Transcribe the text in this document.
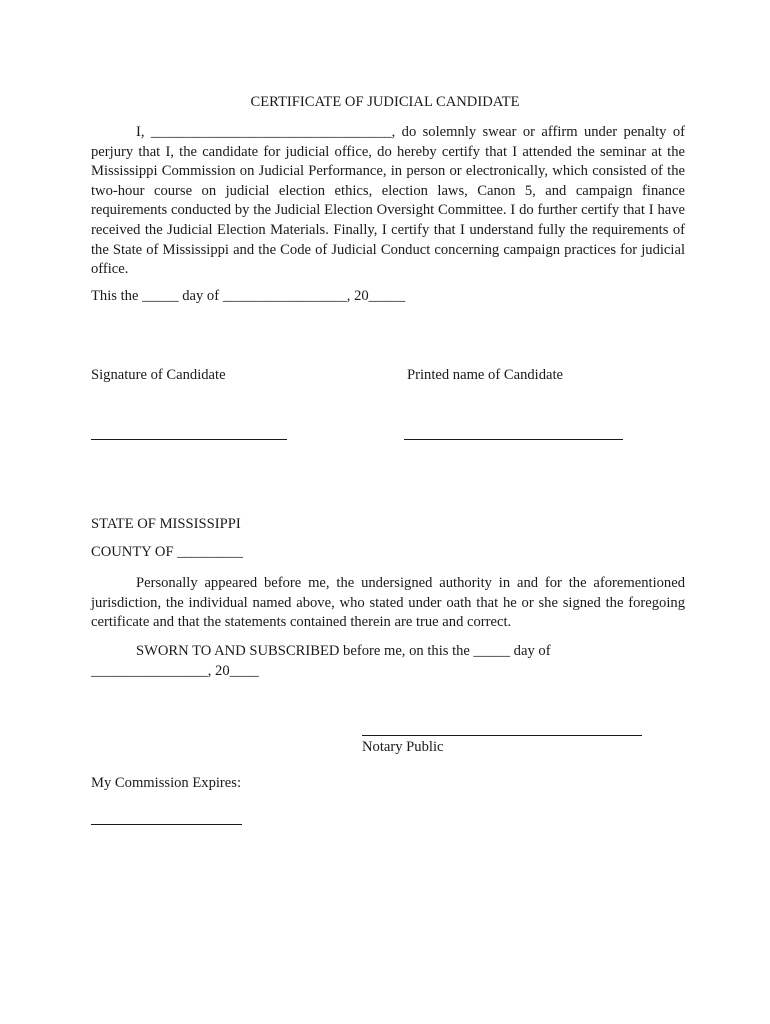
CERTIFICATE OF JUDICIAL CANDIDATE
I, _________________________________, do solemnly swear or affirm under penalty of perjury that I, the candidate for judicial office, do hereby certify that I attended the seminar at the Mississippi Commission on Judicial Performance, in person or electronically, which consisted of the two-hour course on judicial election ethics, election laws, Canon 5, and campaign finance requirements conducted by the Judicial Election Oversight Committee. I do further certify that I have received the Judicial Election Materials. Finally, I certify that I understand fully the requirements of the State of Mississippi and the Code of Judicial Conduct concerning campaign practices for judicial office.
This the _____ day of _________________, 20_____
Signature of Candidate	Printed name of Candidate
STATE OF MISSISSIPPI
COUNTY OF _________
Personally appeared before me, the undersigned authority in and for the aforementioned jurisdiction, the individual named above, who stated under oath that he or she signed the foregoing certificate and that the statements contained therein are true and correct.
SWORN TO AND SUBSCRIBED before me, on this the _____ day of
________________, 20____
Notary Public
My Commission Expires:
